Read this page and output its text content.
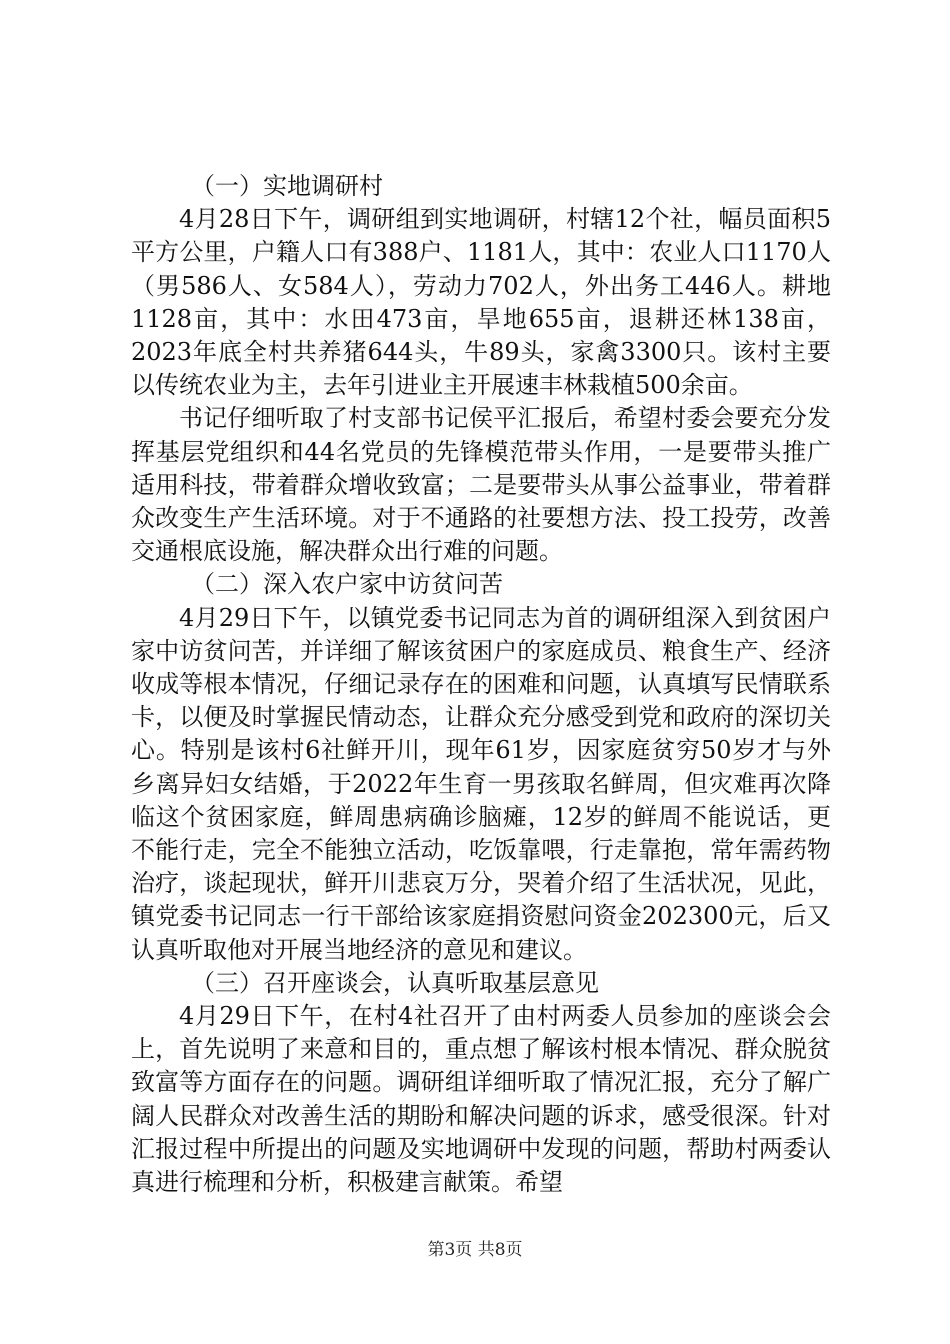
（一）实地调研村

4月28日下午，调研组到实地调研，村辖12个社，幅员面积5平方公里，户籍人口有388户、1181人，其中：农业人口1170人（男586人、女584人），劳动力702人，外出务工446人。耕地1128亩，其中：水田473亩，旱地655亩，退耕还林138亩，2023年底全村共养猪644头，牛89头，家禽3300只。该村主要以传统农业为主，去年引进业主开展速丰林栽植500余亩。

书记仔细听取了村支部书记侯平汇报后，希望村委会要充分发挥基层党组织和44名党员的先锋模范带头作用，一是要带头推广适用科技，带着群众增收致富；二是要带头从事公益事业，带着群众改变生产生活环境。对于不通路的社要想方法、投工投劳，改善交通根底设施，解决群众出行难的问题。

（二）深入农户家中访贫问苦

4月29日下午，以镇党委书记同志为首的调研组深入到贫困户家中访贫问苦，并详细了解该贫困户的家庭成员、粮食生产、经济收成等根本情况，仔细记录存在的困难和问题，认真填写民情联系卡，以便及时掌握民情动态，让群众充分感受到党和政府的深切关心。特别是该村6社鲜开川，现年61岁，因家庭贫穷50岁才与外乡离异妇女结婚，于2022年生育一男孩取名鲜周，但灾难再次降临这个贫困家庭，鲜周患病确诊脑瘫，12岁的鲜周不能说话，更不能行走，完全不能独立活动，吃饭靠喂，行走靠抱，常年需药物治疗，谈起现状，鲜开川悲哀万分，哭着介绍了生活状况，见此，镇党委书记同志一行干部给该家庭捐资慰问资金202300元，后又认真听取他对开展当地经济的意见和建议。

（三）召开座谈会，认真听取基层意见

4月29日下午，在村4社召开了由村两委人员参加的座谈会会上，首先说明了来意和目的，重点想了解该村根本情况、群众脱贫致富等方面存在的问题。调研组详细听取了情况汇报，充分了解广阔人民群众对改善生活的期盼和解决问题的诉求，感受很深。针对汇报过程中所提出的问题及实地调研中发现的问题，帮助村两委认真进行梳理和分析，积极建言献策。希望

第3页 共8页
